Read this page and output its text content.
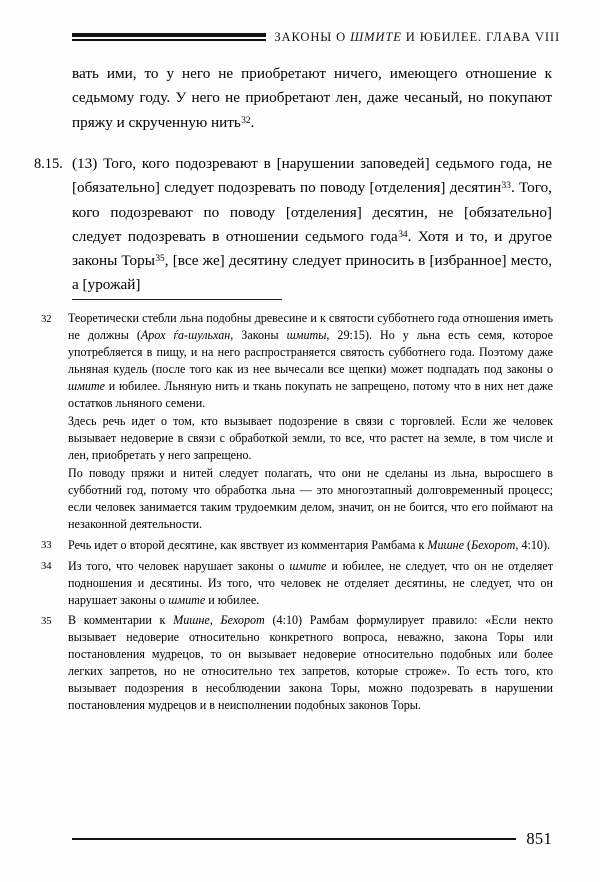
ЗАКОНЫ О ШМИТЕ И ЮБИЛЕЕ. ГЛАВА VIII

вать ими, то у него не приобретают ничего, имеющего отношение к седьмому году. У него не приобретают лен, даже чесаный, но покупают пряжу и скрученную нить$^{32}$.

8.15. (13) Того, кого подозревают в [нарушении заповедей] седьмого года, не [обязательно] следует подозревать по поводу [отделения] десятин$^{33}$. Того, кого подозревают по поводу [отделения] десятин, не [обязательно] следует подозревать в отношении седьмого года$^{34}$. Хотя и то, и другое законы Торы$^{35}$, [все же] десятину следует приносить в [избранное] место, а [урожай]
32	Теоретически стебли льна подобны древесине и к святости субботнего года отношения иметь не должны (Арох ѓа-шульхан, Законы шмиты, 29:15). Но у льна есть семя, которое употребляется в пищу, и на него распространяется святость субботнего года. Поэтому даже льняная кудель (после того как из нее вычесали все щепки) может подпадать под законы о шмите и юбилее. Льняную нить и ткань покупать не запрещено, потому что в них нет даже остатков льняного семени.

Здесь речь идет о том, кто вызывает подозрение в связи с торговлей. Если же человек вызывает недоверие в связи с обработкой земли, то все, что растет на земле, в том числе и лен, приобретать у него запрещено.

По поводу пряжи и нитей следует полагать, что они не сделаны из льна, выросшего в субботний год, потому что обработка льна — это многоэтапный долговременный процесс; если человек занимается таким трудоемким делом, значит, он не боится, что его поймают на незаконной деятельности.

33	Речь идет о второй десятине, как явствует из комментария Рамбама к Мишне (Бехорот, 4:10).

34	Из того, что человек нарушает законы о шмите и юбилее, не следует, что он не отделяет подношения и десятины. Из того, что человек не отделяет десятины, не следует, что он нарушает законы о шмите и юбилее.

35	В комментарии к Мишне, Бехорот (4:10) Рамбам формулирует правило: «Если некто вызывает недоверие относительно конкретного вопроса, неважно, закона Торы или постановления мудрецов, то он вызывает недоверие относительно подобных или более легких запретов, но не относительно тех запретов, которые строже». То есть того, кто вызывает подозрения в несоблюдении закона Торы, можно подозревать в нарушении постановления мудрецов и в неисполнении подобных законов Торы.

851
